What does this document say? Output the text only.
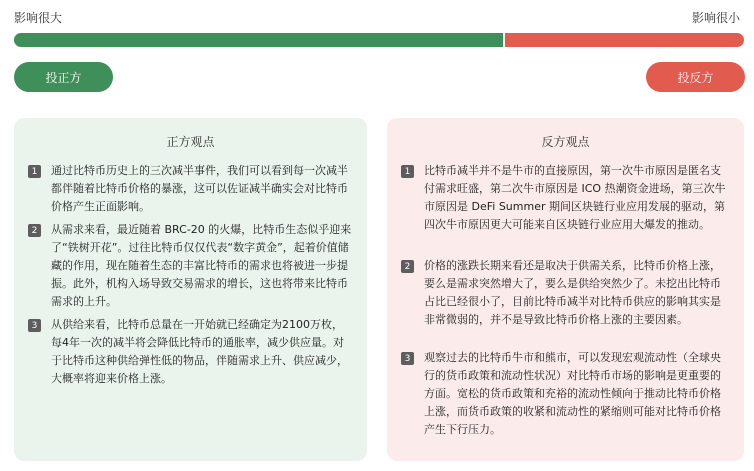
影响很大	影响很小
投正方	投反方
正方观点
1	通过比特币历史上的三次减半事件，我们可以看到每一次减半都伴随着比特币价格的暴涨，这可以佐证减半确实会对比特币价格产生正面影响。
2	从需求来看，最近随着 BRC-20 的火爆，比特币生态似乎迎来了“铁树开花”。过往比特币仅仅代表“数字黄金”，起着价值储藏的作用，现在随着生态的丰富比特币的需求也将被进一步提振。此外，机构入场导致交易需求的增长，这也将带来比特币需求的上升。
3	从供给来看，比特币总量在一开始就已经确定为2100万枚，每4年一次的减半将会降低比特币的通胀率，减少供应量。对于比特币这种供给弹性低的物品，伴随需求上升、供应减少，大概率将迎来价格上涨。
反方观点
1	比特币减半并不是牛市的直接原因，第一次牛市原因是匿名支付需求旺盛，第二次牛市原因是 ICO 热潮资金进场，第三次牛市原因是 DeFi Summer 期间区块链行业应用发展的驱动，第四次牛市原因更大可能来自区块链行业应用大爆发的推动。
2	价格的涨跌长期来看还是取决于供需关系，比特币价格上涨，要么是需求突然增大了，要么是供给突然少了。未挖出比特币占比已经很小了，目前比特币减半对比特币供应的影响其实是非常微弱的，并不是导致比特币价格上涨的主要因素。
3	观察过去的比特币牛市和熊市，可以发现宏观流动性（全球央行的货币政策和流动性状况）对比特币市场的影响是更重要的方面。宽松的货币政策和充裕的流动性倾向于推动比特币价格上涨，而货币政策的收紧和流动性的紧缩则可能对比特币价格产生下行压力。
